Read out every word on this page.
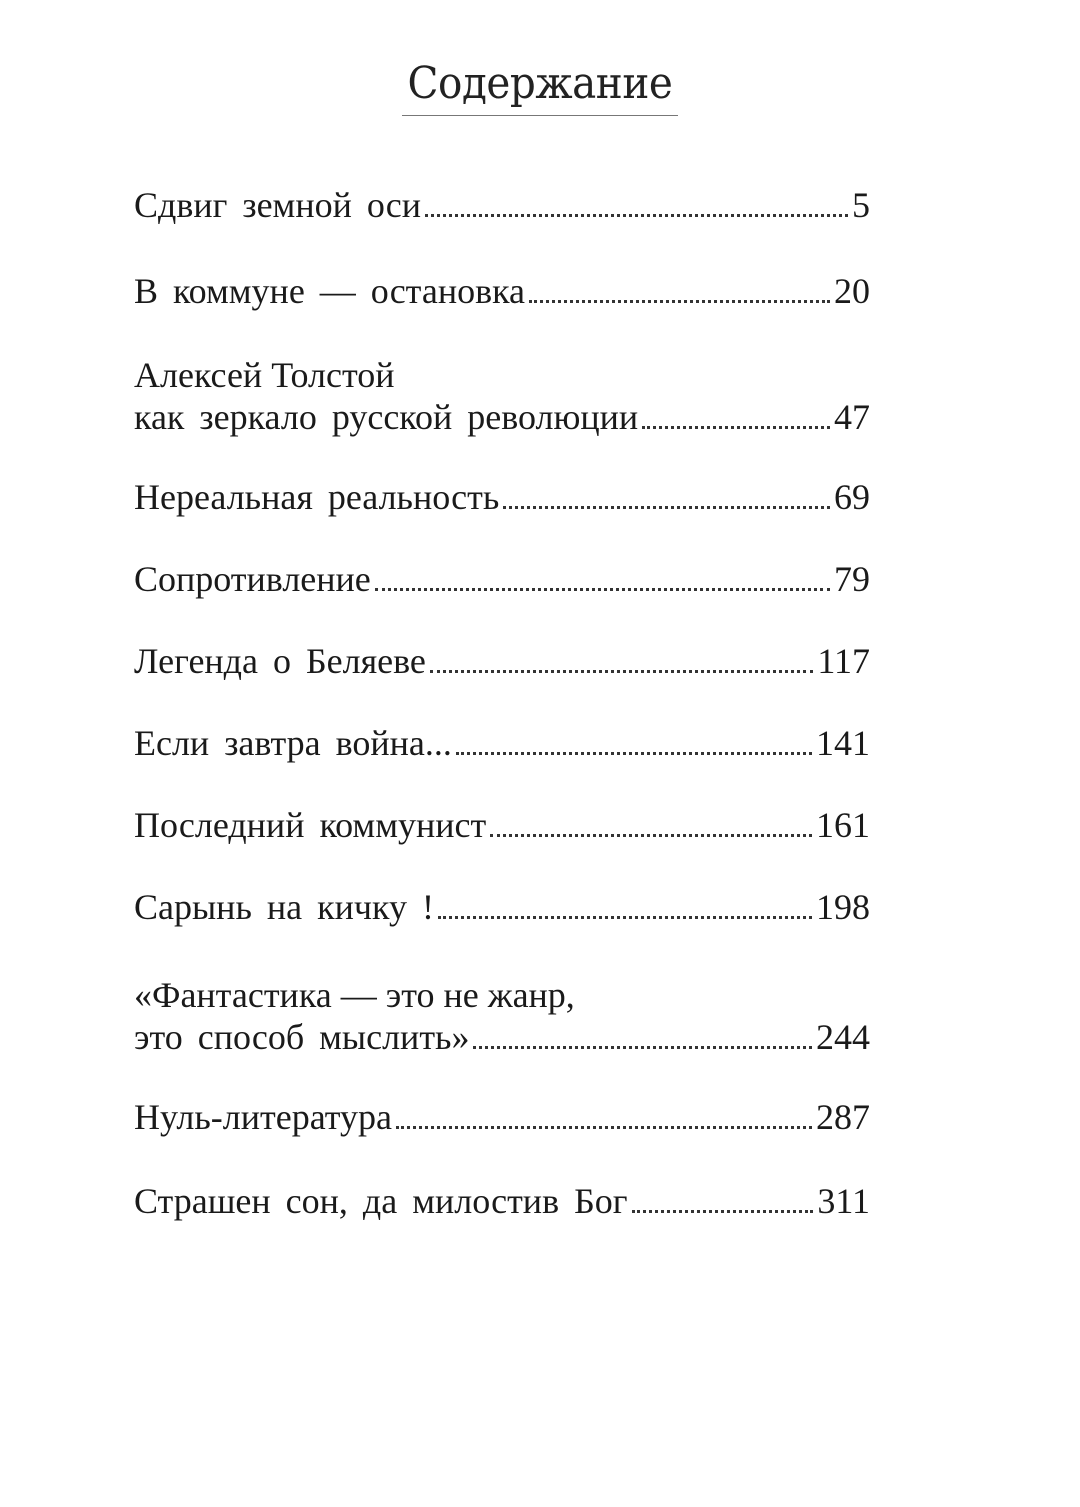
Содержание
Сдвиг земной оси	5
В коммуне — остановка	20
Алексей Толстой
как зеркало русской революции	47
Нереальная реальность	69
Сопротивление	79
Легенда о Беляеве	117
Если завтра война...	141
Последний коммунист	161
Сарынь на кичку !	198
«Фантастика — это не жанр,
это способ мыслить»	244
Нуль-литература	287
Страшен сон, да милостив Бог	311
